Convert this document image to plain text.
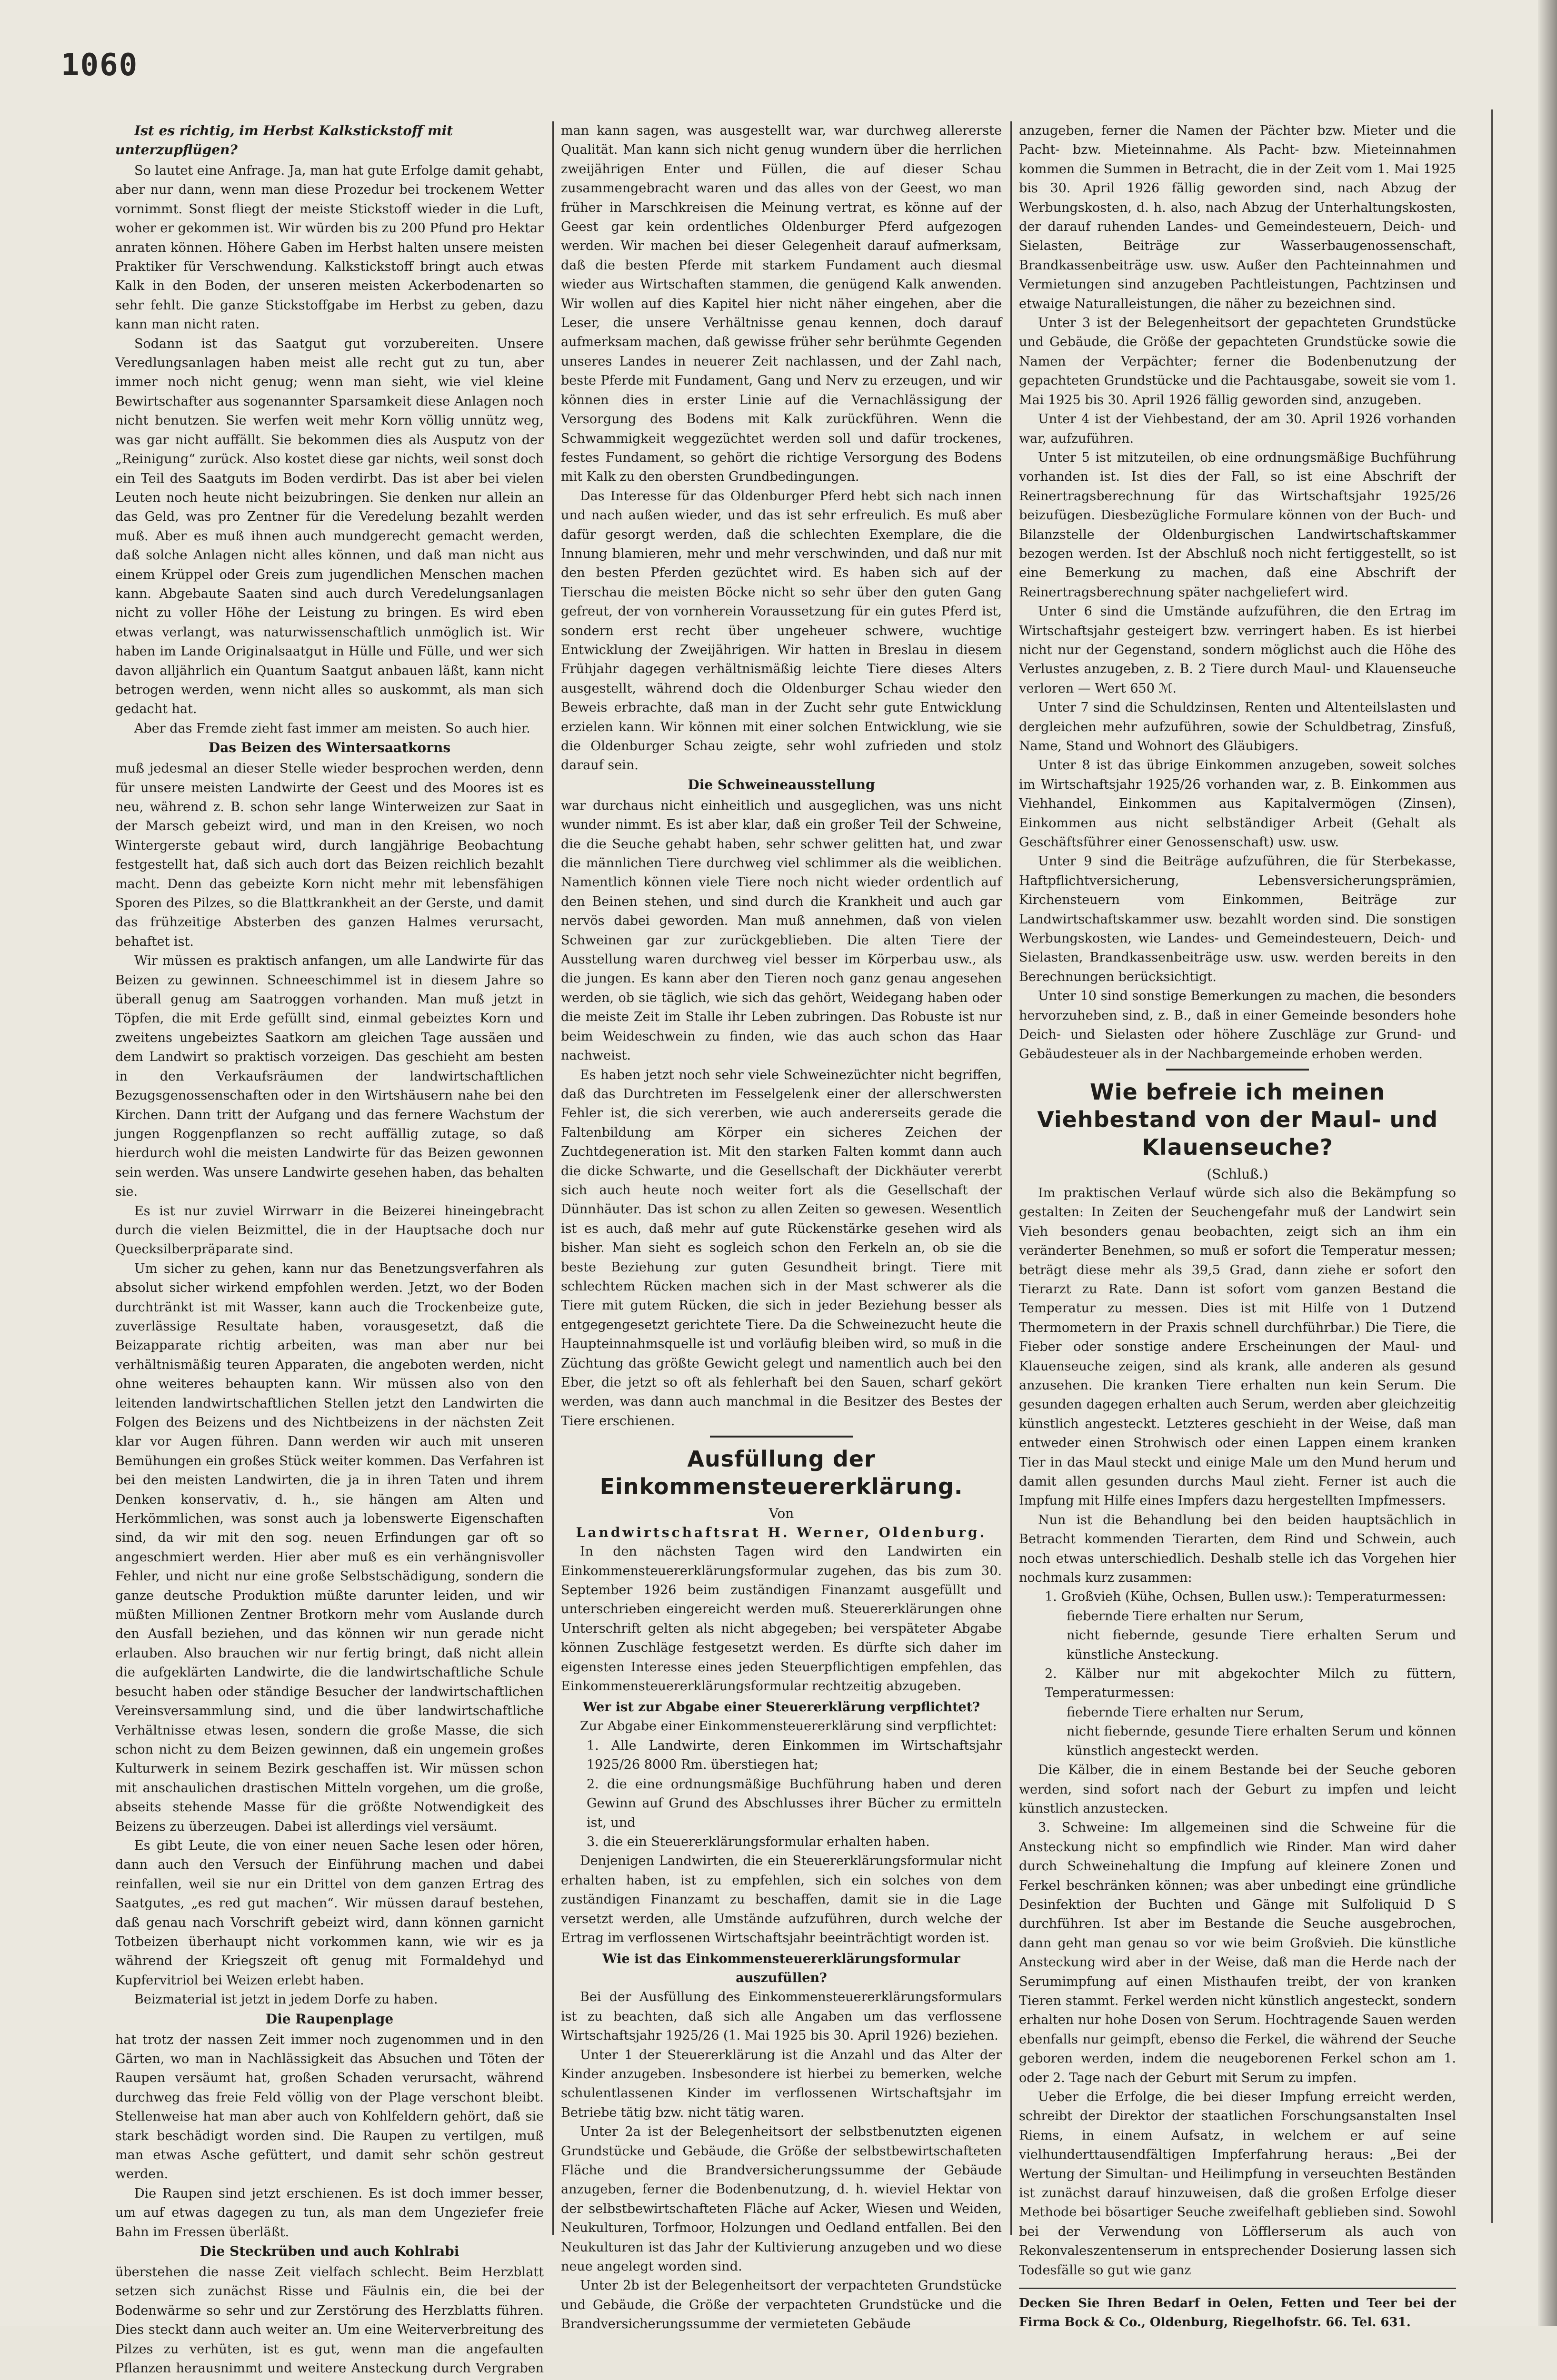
1060
Ist es richtig, im Herbst Kalkstickstoff mit unterzupflügen?

So lautet eine Anfrage. Ja, man hat gute Erfolge damit gehabt, aber nur dann, wenn man diese Prozedur bei trockenem Wetter vornimmt. Sonst fliegt der meiste Stickstoff wieder in die Luft, woher er gekommen ist. Wir würden bis zu 200 Pfund pro Hektar anraten können. Höhere Gaben im Herbst halten unsere meisten Praktiker für Verschwendung. Kalkstickstoff bringt auch etwas Kalk in den Boden, der unseren meisten Ackerbodenarten so sehr fehlt. Die ganze Stickstoffgabe im Herbst zu geben, dazu kann man nicht raten.

Sodann ist das Saatgut gut vorzubereiten. Unsere Veredlungsanlagen haben meist alle recht gut zu tun, aber immer noch nicht genug; wenn man sieht, wie viel kleine Bewirtschafter aus sogenannter Sparsamkeit diese Anlagen noch nicht benutzen. Sie werfen weit mehr Korn völlig unnütz weg, was gar nicht auffällt. Sie bekommen dies als Ausputz von der „Reinigung“ zurück. Also kostet diese gar nichts, weil sonst doch ein Teil des Saatguts im Boden verdirbt. Das ist aber bei vielen Leuten noch heute nicht beizubringen. Sie denken nur allein an das Geld, was pro Zentner für die Veredelung bezahlt werden muß. Aber es muß ihnen auch mundgerecht gemacht werden, daß solche Anlagen nicht alles können, und daß man nicht aus einem Krüppel oder Greis zum jugendlichen Menschen machen kann. Abgebaute Saaten sind auch durch Veredelungsanlagen nicht zu voller Höhe der Leistung zu bringen. Es wird eben etwas verlangt, was naturwissenschaftlich unmöglich ist. Wir haben im Lande Originalsaatgut in Hülle und Fülle, und wer sich davon alljährlich ein Quantum Saatgut anbauen läßt, kann nicht betrogen werden, wenn nicht alles so auskommt, als man sich gedacht hat.

Aber das Fremde zieht fast immer am meisten. So auch hier.

Das Beizen des Wintersaatkorns

muß jedesmal an dieser Stelle wieder besprochen werden, denn für unsere meisten Landwirte der Geest und des Moores ist es neu, während z. B. schon sehr lange Winterweizen zur Saat in der Marsch gebeizt wird, und man in den Kreisen, wo noch Wintergerste gebaut wird, durch langjährige Beobachtung festgestellt hat, daß sich auch dort das Beizen reichlich bezahlt macht. Denn das gebeizte Korn nicht mehr mit lebensfähigen Sporen des Pilzes, so die Blattkrankheit an der Gerste, und damit das frühzeitige Absterben des ganzen Halmes verursacht, behaftet ist.

Wir müssen es praktisch anfangen, um alle Landwirte für das Beizen zu gewinnen. Schneeschimmel ist in diesem Jahre so überall genug am Saatroggen vorhanden. Man muß jetzt in Töpfen, die mit Erde gefüllt sind, einmal gebeiztes Korn und zweitens ungebeiztes Saatkorn am gleichen Tage aussäen und dem Landwirt so praktisch vorzeigen. Das geschieht am besten in den Verkaufsräumen der landwirtschaftlichen Bezugsgenossenschaften oder in den Wirtshäusern nahe bei den Kirchen. Dann tritt der Aufgang und das fernere Wachstum der jungen Roggenpflanzen so recht auffällig zutage, so daß hierdurch wohl die meisten Landwirte für das Beizen gewonnen sein werden. Was unsere Landwirte gesehen haben, das behalten sie.

Es ist nur zuviel Wirrwarr in die Beizerei hineingebracht durch die vielen Beizmittel, die in der Hauptsache doch nur Quecksilberpräparate sind.

Um sicher zu gehen, kann nur das Benetzungsverfahren als absolut sicher wirkend empfohlen werden. Jetzt, wo der Boden durchtränkt ist mit Wasser, kann auch die Trockenbeize gute, zuverlässige Resultate haben, vorausgesetzt, daß die Beizapparate richtig arbeiten, was man aber nur bei verhältnismäßig teuren Apparaten, die angeboten werden, nicht ohne weiteres behaupten kann. Wir müssen also von den leitenden landwirtschaftlichen Stellen jetzt den Landwirten die Folgen des Beizens und des Nichtbeizens in der nächsten Zeit klar vor Augen führen. Dann werden wir auch mit unseren Bemühungen ein großes Stück weiter kommen. Das Verfahren ist bei den meisten Landwirten, die ja in ihren Taten und ihrem Denken konservativ, d. h., sie hängen am Alten und Herkömmlichen, was sonst auch ja lobenswerte Eigenschaften sind, da wir mit den sog. neuen Erfindungen gar oft so angeschmiert werden. Hier aber muß es ein verhängnisvoller Fehler, und nicht nur eine große Selbstschädigung, sondern die ganze deutsche Produktion müßte darunter leiden, und wir müßten Millionen Zentner Brotkorn mehr vom Auslande durch den Ausfall beziehen, und das können wir nun gerade nicht erlauben. Also brauchen wir nur fertig bringt, daß nicht allein die aufgeklärten Landwirte, die die landwirtschaftliche Schule besucht haben oder ständige Besucher der landwirtschaftlichen Vereinsversammlung sind, und die über landwirtschaftliche Verhältnisse etwas lesen, sondern die große Masse, die sich schon nicht zu dem Beizen gewinnen, daß ein ungemein großes Kulturwerk in seinem Bezirk geschaffen ist. Wir müssen schon mit anschaulichen drastischen Mitteln vorgehen, um die große, abseits stehende Masse für die größte Notwendigkeit des Beizens zu überzeugen. Dabei ist allerdings viel versäumt.

Es gibt Leute, die von einer neuen Sache lesen oder hören, dann auch den Versuch der Einführung machen und dabei reinfallen, weil sie nur ein Drittel von dem ganzen Ertrag des Saatgutes, „es red gut machen“. Wir müssen darauf bestehen, daß genau nach Vorschrift gebeizt wird, dann können garnicht Totbeizen überhaupt nicht vorkommen kann, wie wir es ja während der Kriegszeit oft genug mit Formaldehyd und Kupfervitriol bei Weizen erlebt haben.

Beizmaterial ist jetzt in jedem Dorfe zu haben.

Die Raupenplage

hat trotz der nassen Zeit immer noch zugenommen und in den Gärten, wo man in Nachlässigkeit das Absuchen und Töten der Raupen versäumt hat, großen Schaden verursacht, während durchweg das freie Feld völlig von der Plage verschont bleibt. Stellenweise hat man aber auch von Kohlfeldern gehört, daß sie stark beschädigt worden sind. Die Raupen zu vertilgen, muß man etwas Asche gefüttert, und damit sehr schön gestreut werden.

Die Raupen sind jetzt erschienen. Es ist doch immer besser, um auf etwas dagegen zu tun, als man dem Ungeziefer freie Bahn im Fressen überläßt.

Die Steckrüben und auch Kohlrabi

überstehen die nasse Zeit vielfach schlecht. Beim Herzblatt setzen sich zunächst Risse und Fäulnis ein, die bei der Bodenwärme so sehr und zur Zerstörung des Herzblatts führen. Dies steckt dann auch weiter an. Um eine Weiterverbreitung des Pilzes zu verhüten, ist es gut, wenn man die angefaulten Pflanzen herausnimmt und weitere Ansteckung durch Vergraben

man kann sagen, was ausgestellt war, war durchweg allererste Qualität. Man kann sich nicht genug wundern über die herrlichen zweijährigen Enter und Füllen, die auf dieser Schau zusammengebracht waren und das alles von der Geest, wo man früher in Marschkreisen die Meinung vertrat, es könne auf der Geest gar kein ordentliches Oldenburger Pferd aufgezogen werden. Wir machen bei dieser Gelegenheit darauf aufmerksam, daß die besten Pferde mit starkem Fundament auch diesmal wieder aus Wirtschaften stammen, die genügend Kalk anwenden. Wir wollen auf dies Kapitel hier nicht näher eingehen, aber die Leser, die unsere Verhältnisse genau kennen, doch darauf aufmerksam machen, daß gewisse früher sehr berühmte Gegenden unseres Landes in neuerer Zeit nachlassen, und der Zahl nach, beste Pferde mit Fundament, Gang und Nerv zu erzeugen, und wir können dies in erster Linie auf die Vernachlässigung der Versorgung des Bodens mit Kalk zurückführen. Wenn die Schwammigkeit weggezüchtet werden soll und dafür trockenes, festes Fundament, so gehört die richtige Versorgung des Bodens mit Kalk zu den obersten Grundbedingungen.

Das Interesse für das Oldenburger Pferd hebt sich nach innen und nach außen wieder, und das ist sehr erfreulich. Es muß aber dafür gesorgt werden, daß die schlechten Exemplare, die die Innung blamieren, mehr und mehr verschwinden, und daß nur mit den besten Pferden gezüchtet wird. Es haben sich auf der Tierschau die meisten Böcke nicht so sehr über den guten Gang gefreut, der von vornherein Voraussetzung für ein gutes Pferd ist, sondern erst recht über ungeheuer schwere, wuchtige Entwicklung der Zweijährigen. Wir hatten in Breslau in diesem Frühjahr dagegen verhältnismäßig leichte Tiere dieses Alters ausgestellt, während doch die Oldenburger Schau wieder den Beweis erbrachte, daß man in der Zucht sehr gute Entwicklung erzielen kann. Wir können mit einer solchen Entwicklung, wie sie die Oldenburger Schau zeigte, sehr wohl zufrieden und stolz darauf sein.

Die Schweineausstellung

war durchaus nicht einheitlich und ausgeglichen, was uns nicht wunder nimmt. Es ist aber klar, daß ein großer Teil der Schweine, die die Seuche gehabt haben, sehr schwer gelitten hat, und zwar die männlichen Tiere durchweg viel schlimmer als die weiblichen. Namentlich können viele Tiere noch nicht wieder ordentlich auf den Beinen stehen, und sind durch die Krankheit und auch gar nervös dabei geworden. Man muß annehmen, daß von vielen Schweinen gar zur zurückgeblieben. Die alten Tiere der Ausstellung waren durchweg viel besser im Körperbau usw., als die jungen. Es kann aber den Tieren noch ganz genau angesehen werden, ob sie täglich, wie sich das gehört, Weidegang haben oder die meiste Zeit im Stalle ihr Leben zubringen. Das Robuste ist nur beim Weideschwein zu finden, wie das auch schon das Haar nachweist.

Es haben jetzt noch sehr viele Schweinezüchter nicht begriffen, daß das Durchtreten im Fesselgelenk einer der allerschwersten Fehler ist, die sich vererben, wie auch andererseits gerade die Faltenbildung am Körper ein sicheres Zeichen der Zuchtdegeneration ist. Mit den starken Falten kommt dann auch die dicke Schwarte, und die Gesellschaft der Dickhäuter vererbt sich auch heute noch weiter fort als die Gesellschaft der Dünnhäuter. Das ist schon zu allen Zeiten so gewesen. Wesentlich ist es auch, daß mehr auf gute Rückenstärke gesehen wird als bisher. Man sieht es sogleich schon den Ferkeln an, ob sie die beste Beziehung zur guten Gesundheit bringt. Tiere mit schlechtem Rücken machen sich in der Mast schwerer als die Tiere mit gutem Rücken, die sich in jeder Beziehung besser als entgegengesetzt gerichtete Tiere. Da die Schweinezucht heute die Haupteinnahmsquelle ist und vorläufig bleiben wird, so muß in die Züchtung das größte Gewicht gelegt und namentlich auch bei den Eber, die jetzt so oft als fehlerhaft bei den Sauen, scharf gekört werden, was dann auch manchmal in die Besitzer des Bestes der Tiere erschienen.

Ausfüllung der Einkommensteuererklärung.
Von
Landwirtschaftsrat H. Werner, Oldenburg.

In den nächsten Tagen wird den Landwirten ein Einkommensteuererklärungsformular zugehen, das bis zum 30. September 1926 beim zuständigen Finanzamt ausgefüllt und unterschrieben eingereicht werden muß. Steuererklärungen ohne Unterschrift gelten als nicht abgegeben; bei verspäteter Abgabe können Zuschläge festgesetzt werden. Es dürfte sich daher im eigensten Interesse eines jeden Steuerpflichtigen empfehlen, das Einkommensteuererklärungsformular rechtzeitig abzugeben.

Wer ist zur Abgabe einer Steuererklärung verpflichtet?

Zur Abgabe einer Einkommensteuererklärung sind verpflichtet:

1. Alle Landwirte, deren Einkommen im Wirtschaftsjahr 1925/26 8000 Rm. überstiegen hat;

2. die eine ordnungsmäßige Buchführung haben und deren Gewinn auf Grund des Abschlusses ihrer Bücher zu ermitteln ist, und

3. die ein Steuererklärungsformular erhalten haben.

Denjenigen Landwirten, die ein Steuererklärungsformular nicht erhalten haben, ist zu empfehlen, sich ein solches von dem zuständigen Finanzamt zu beschaffen, damit sie in die Lage versetzt werden, alle Umstände aufzuführen, durch welche der Ertrag im verflossenen Wirtschaftsjahr beeinträchtigt worden ist.

Wie ist das Einkommensteuererklärungsformular auszufüllen?

Bei der Ausfüllung des Einkommensteuererklärungsformulars ist zu beachten, daß sich alle Angaben um das verflossene Wirtschaftsjahr 1925/26 (1. Mai 1925 bis 30. April 1926) beziehen.

Unter 1 der Steuererklärung ist die Anzahl und das Alter der Kinder anzugeben. Insbesondere ist hierbei zu bemerken, welche schulentlassenen Kinder im verflossenen Wirtschaftsjahr im Betriebe tätig bzw. nicht tätig waren.

Unter 2a ist der Belegenheitsort der selbstbenutzten eigenen Grundstücke und Gebäude, die Größe der selbstbewirtschafteten Fläche und die Brandversicherungssumme der Gebäude anzugeben, ferner die Bodenbenutzung, d. h. wieviel Hektar von der selbstbewirtschafteten Fläche auf Acker, Wiesen und Weiden, Neukulturen, Torfmoor, Holzungen und Oedland entfallen. Bei den Neukulturen ist das Jahr der Kultivierung anzugeben und wo diese neue angelegt worden sind.

Unter 2b ist der Belegenheitsort der verpachteten Grundstücke und Gebäude, die Größe der verpachteten Grundstücke und die Brandversicherungssumme der vermieteten Gebäude

anzugeben, ferner die Namen der Pächter bzw. Mieter und die Pacht- bzw. Mieteinnahme. Als Pacht- bzw. Mieteinnahmen kommen die Summen in Betracht, die in der Zeit vom 1. Mai 1925 bis 30. April 1926 fällig geworden sind, nach Abzug der Werbungskosten, d. h. also, nach Abzug der Unterhaltungskosten, der darauf ruhenden Landes- und Gemeindesteuern, Deich- und Sielasten, Beiträge zur Wasserbaugenossenschaft, Brandkassenbeiträge usw. usw. Außer den Pachteinnahmen und Vermietungen sind anzugeben Pachtleistungen, Pachtzinsen und etwaige Naturalleistungen, die näher zu bezeichnen sind.

Unter 3 ist der Belegenheitsort der gepachteten Grundstücke und Gebäude, die Größe der gepachteten Grundstücke sowie die Namen der Verpächter; ferner die Bodenbenutzung der gepachteten Grundstücke und die Pachtausgabe, soweit sie vom 1. Mai 1925 bis 30. April 1926 fällig geworden sind, anzugeben.

Unter 4 ist der Viehbestand, der am 30. April 1926 vorhanden war, aufzuführen.

Unter 5 ist mitzuteilen, ob eine ordnungsmäßige Buchführung vorhanden ist. Ist dies der Fall, so ist eine Abschrift der Reinertragsberechnung für das Wirtschaftsjahr 1925/26 beizufügen. Diesbezügliche Formulare können von der Buch- und Bilanzstelle der Oldenburgischen Landwirtschaftskammer bezogen werden. Ist der Abschluß noch nicht fertiggestellt, so ist eine Bemerkung zu machen, daß eine Abschrift der Reinertragsberechnung später nachgeliefert wird.

Unter 6 sind die Umstände aufzuführen, die den Ertrag im Wirtschaftsjahr gesteigert bzw. verringert haben. Es ist hierbei nicht nur der Gegenstand, sondern möglichst auch die Höhe des Verlustes anzugeben, z. B. 2 Tiere durch Maul- und Klauenseuche verloren — Wert 650 ℳ.

Unter 7 sind die Schuldzinsen, Renten und Altenteilslasten und dergleichen mehr aufzuführen, sowie der Schuldbetrag, Zinsfuß, Name, Stand und Wohnort des Gläubigers.

Unter 8 ist das übrige Einkommen anzugeben, soweit solches im Wirtschaftsjahr 1925/26 vorhanden war, z. B. Einkommen aus Viehhandel, Einkommen aus Kapitalvermögen (Zinsen), Einkommen aus nicht selbständiger Arbeit (Gehalt als Geschäftsführer einer Genossenschaft) usw. usw.

Unter 9 sind die Beiträge aufzuführen, die für Sterbekasse, Haftpflichtversicherung, Lebensversicherungsprämien, Kirchensteuern vom Einkommen, Beiträge zur Landwirtschaftskammer usw. bezahlt worden sind. Die sonstigen Werbungskosten, wie Landes- und Gemeindesteuern, Deich- und Sielasten, Brandkassenbeiträge usw. usw. werden bereits in den Berechnungen berücksichtigt.

Unter 10 sind sonstige Bemerkungen zu machen, die besonders hervorzuheben sind, z. B., daß in einer Gemeinde besonders hohe Deich- und Sielasten oder höhere Zuschläge zur Grund- und Gebäudesteuer als in der Nachbargemeinde erhoben werden.

Wie befreie ich meinen Viehbestand von der Maul- und Klauenseuche?
(Schluß.)

Im praktischen Verlauf würde sich also die Bekämpfung so gestalten: In Zeiten der Seuchengefahr muß der Landwirt sein Vieh besonders genau beobachten, zeigt sich an ihm ein veränderter Benehmen, so muß er sofort die Temperatur messen; beträgt diese mehr als 39,5 Grad, dann ziehe er sofort den Tierarzt zu Rate. Dann ist sofort vom ganzen Bestand die Temperatur zu messen. Dies ist mit Hilfe von 1 Dutzend Thermometern in der Praxis schnell durchführbar.) Die Tiere, die Fieber oder sonstige andere Erscheinungen der Maul- und Klauenseuche zeigen, sind als krank, alle anderen als gesund anzusehen. Die kranken Tiere erhalten nun kein Serum. Die gesunden dagegen erhalten auch Serum, werden aber gleichzeitig künstlich angesteckt. Letzteres geschieht in der Weise, daß man entweder einen Strohwisch oder einen Lappen einem kranken Tier in das Maul steckt und einige Male um den Mund herum und damit allen gesunden durchs Maul zieht. Ferner ist auch die Impfung mit Hilfe eines Impfers dazu hergestellten Impfmessers.

Nun ist die Behandlung bei den beiden hauptsächlich in Betracht kommenden Tierarten, dem Rind und Schwein, auch noch etwas unterschiedlich. Deshalb stelle ich das Vorgehen hier nochmals kurz zusammen:

1. Großvieh (Kühe, Ochsen, Bullen usw.): Temperaturmessen:

fiebernde Tiere erhalten nur Serum,

nicht fiebernde, gesunde Tiere erhalten Serum und künstliche Ansteckung.

2. Kälber nur mit abgekochter Milch zu füttern, Temperaturmessen:

fiebernde Tiere erhalten nur Serum,

nicht fiebernde, gesunde Tiere erhalten Serum und können künstlich angesteckt werden.

Die Kälber, die in einem Bestande bei der Seuche geboren werden, sind sofort nach der Geburt zu impfen und leicht künstlich anzustecken.

3. Schweine: Im allgemeinen sind die Schweine für die Ansteckung nicht so empfindlich wie Rinder. Man wird daher durch Schweinehaltung die Impfung auf kleinere Zonen und Ferkel beschränken können; was aber unbedingt eine gründliche Desinfektion der Buchten und Gänge mit Sulfoliquid D S durchführen. Ist aber im Bestande die Seuche ausgebrochen, dann geht man genau so vor wie beim Großvieh. Die künstliche Ansteckung wird aber in der Weise, daß man die Herde nach der Serumimpfung auf einen Misthaufen treibt, der von kranken Tieren stammt. Ferkel werden nicht künstlich angesteckt, sondern erhalten nur hohe Dosen von Serum. Hochtragende Sauen werden ebenfalls nur geimpft, ebenso die Ferkel, die während der Seuche geboren werden, indem die neugeborenen Ferkel schon am 1. oder 2. Tage nach der Geburt mit Serum zu impfen.

Ueber die Erfolge, die bei dieser Impfung erreicht werden, schreibt der Direktor der staatlichen Forschungsanstalten Insel Riems, in einem Aufsatz, in welchem er auf seine vielhunderttausendfältigen Impferfahrung heraus: „Bei der Wertung der Simultan- und Heilimpfung in verseuchten Beständen ist zunächst darauf hinzuweisen, daß die großen Erfolge dieser Methode bei bösartiger Seuche zweifelhaft geblieben sind. Sowohl bei der Verwendung von Löfflerserum als auch von Rekonvaleszentenserum in entsprechender Dosierung lassen sich Todesfälle so gut wie ganz

Decken Sie Ihren Bedarf in Oelen, Fetten und Teer bei der Firma Bock & Co., Oldenburg, Riegelhofstr. 66. Tel. 631.
